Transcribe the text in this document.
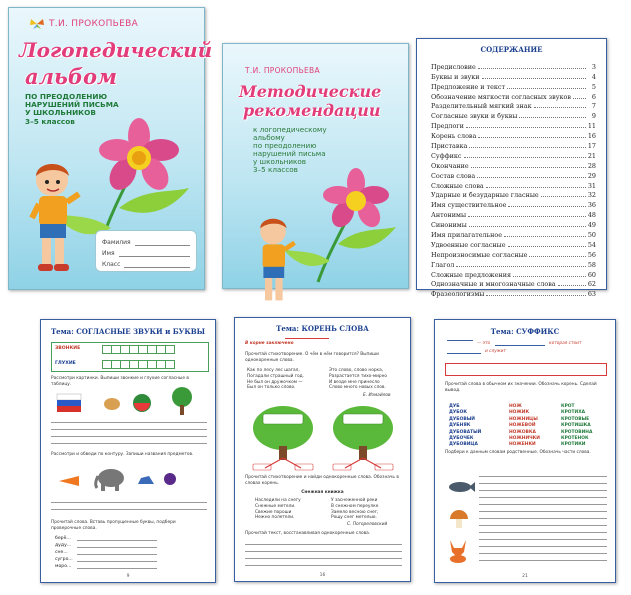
Т.И. ПРОКОПЬЕВА
Логопедический
альбом
ПО ПРЕОДОЛЕНИЮ
НАРУШЕНИЙ ПИСЬМА
У ШКОЛЬНИКОВ
3–5 классов
Фамилия
Имя
Класс
Т.И. ПРОКОПЬЕВА
Методические
рекомендации
к логопедическому
альбому
по преодолению
нарушений письма
у школьников
3–5 классов
СОДЕРЖАНИЕ
Предисловие	3
Буквы и звуки	4
Предложение и текст	5
Обозначение мягкости согласных звуков	6
Разделительный мягкий знак	7
Согласные звуки и буквы	9
Предлоги	11
Корень слова	16
Приставка	17
Суффикс	21
Окончание	28
Состав слова	29
Сложные слова	31
Ударные и безударные гласные	32
Имя существительное	36
Антонимы	48
Синонимы	49
Имя прилагательное	50
Удвоенные согласные	54
Непроизносимые согласные	56
Глагол	58
Сложные предложения	60
Однозначные и многозначные слова	62
Фразеологизмы	63
Тема: СОГЛАСНЫЕ ЗВУКИ и БУКВЫ
ЗВОНКИЕ
ГЛУХИЕ
Рассмотри картинки. Выпиши звонкие и глухие согласные в таблицу.
Рассмотри и обведи по контуру. Запиши названия предметов.
Прочитай слова. Вставь пропущенные буквы, подбери проверочные слова.
берё...
дуду...
сне...
сугро...
моро...
9
Тема: КОРЕНЬ СЛОВА
В корне заключено
Прочитай стихотворение. О чём в нём говорится? Выпиши однокоренные слова.
Как по лесу лес шагал,
Погадали страшный год.
Не был он дружочком —
Был он только слово.
Это слово, слово норка,
Разрастается тихо-мирно
И везде мне принесло
Слово много новых слов.
Е. Измайлов
Прочитай стихотворение и найди однокоренные слова. Обозначь в словах корень.
Снежная книжка
Наследили на снегу
Снежные метели.
Свежие пороши
Нежно полетели.
У заснеженной реки
В снежном переулке
Замело весною снег,
Рощу снег метелью.
С. Погореловский
Прочитай текст, восстанавливая однокоренные слова.
16
Тема: СУФФИКС
— это	которая стоит
и служит
Прочитай слова в обычном их значении. Обозначь корень. Сделай вывод.
ДУБ
ДУБОК
ДУБОВЫЙ
ДУБНЯК
ДУБОВАТЫЙ
ДУБОЧЕК
ДУБОВИЦА
НОЖ
НОЖИК
НОЖНИЦЫ
НОЖЕВОЙ
НОЖОВКА
НОЖНИЧКИ
НОЖЕНКИ
КРОТ
КРОТИХА
КРОТОВЫЕ
КРОТИШКА
КРОТОВИНА
КРОТЕНОК
КРОТИКИ
Подбери к данным словам родственные. Обозначь части слова.
21
